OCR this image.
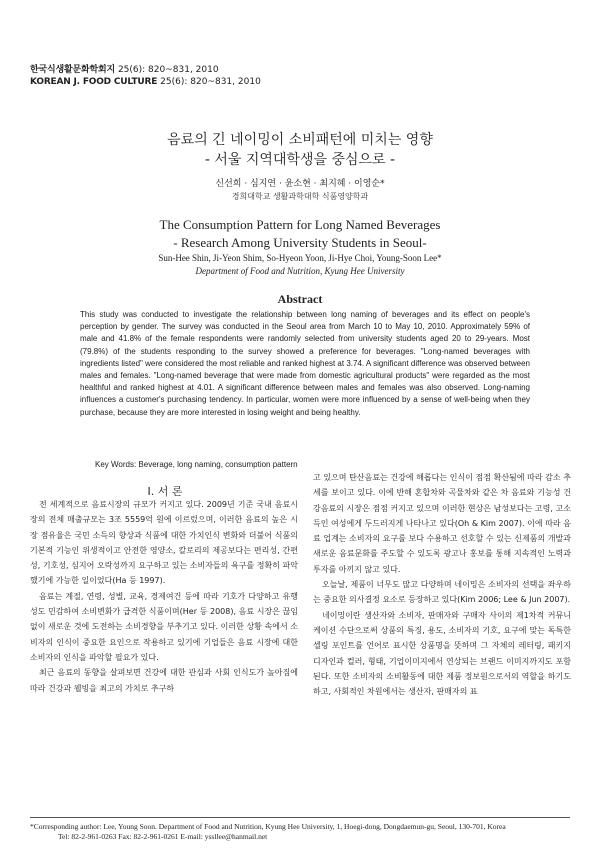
한국식생활문화학회지 25(6): 820~831, 2010
KOREAN J. FOOD CULTURE 25(6): 820~831, 2010
음료의 긴 네이밍이 소비패턴에 미치는 영향
- 서울 지역대학생을 중심으로 -
신선희 · 심지연 · 윤소현 · 최지혜 · 이영순*
경희대학교 생활과학대학 식품영양학과
The Consumption Pattern for Long Named Beverages
- Research Among University Students in Seoul-
Sun-Hee Shin, Ji-Yeon Shim, So-Hyeon Yoon, Ji-Hye Choi, Young-Soon Lee*
Department of Food and Nutrition, Kyung Hee University
Abstract
This study was conducted to investigate the relationship between long naming of beverages and its effect on people's perception by gender. The survey was conducted in the Seoul area from March 10 to May 10, 2010. Approximately 59% of male and 41.8% of the female respondents were randomly selected from university students aged 20 to 29-years. Most (79.8%) of the students responding to the survey showed a preference for beverages. "Long-named beverages with ingredients listed" were considered the most reliable and ranked highest at 3.74. A significant difference was observed between males and females. "Long-named beverage that were made from domestic agricultural products" were regarded as the most healthful and ranked highest at 4.01. A significant difference between males and females was also observed. Long-naming influences a customer's purchasing tendency. In particular, women were more influenced by a sense of well-being when they purchase, because they are more interested in losing weight and being healthy.
Key Words: Beverage, long naming, consumption pattern
I. 서 론

전 세계적으로 음료시장의 규모가 커지고 있다. 2009년 기준 국내 음료시장의 전체 매출규모는 3조 5559억 원에 이르렀으며, 이러한 음료의 높은 시장 점유율은 국민 소득의 향상과 식품에 대한 가치인식 변화와 더불어 식품의 기본적 기능인 위생적이고 안전한 영양소, 칼로리의 제공보다는 편리성, 간편성, 기호성, 심지어 오락성까지 요구하고 있는 소비자들의 욕구를 정확히 파악했기에 가능한 일이었다(Ha 등 1997).

음료는 계절, 연령, 성별, 교육, 경제여건 등에 따라 기호가 다양하고 유행성도 민감하여 소비변화가 급격한 식품이며(Her 등 2008), 음료 시장은 끊임없이 새로운 것에 도전하는 소비경향을 부추기고 있다. 이러한 상황 속에서 소비자의 인식이 중요한 요인으로 작용하고 있기에 기업들은 음료 시장에 대한 소비자의 인식을 파악할 필요가 있다.

최근 음료의 동향을 살펴보면 건강에 대한 관심과 사회 인식도가 높아짐에 따라 건강과 웰빙을 최고의 가치로 추구하

고 있으며 탄산음료는 건강에 해롭다는 인식이 점점 확산됨에 따라 감소 추세를 보이고 있다. 이에 반해 혼합차와 곡물차와 같은 차 음료와 기능성 건강음료의 시장은 점점 커지고 있으며 이러한 현상은 남성보다는 고령, 고소득인 여성에게 두드러지게 나타나고 있다(Oh & Kim 2007). 이에 따라 음료 업계는 소비자의 요구를 보다 수용하고 선호할 수 있는 신제품의 개발과 새로운 음료문화를 주도할 수 있도록 광고나 홍보를 통해 지속적인 노력과 투자를 아끼지 않고 있다.

오늘날, 제품이 너무도 많고 다양하며 네이밍은 소비자의 선택을 좌우하는 중요한 의사결정 요소로 등장하고 있다(Kim 2006; Lee & Jun 2007).

네이밍이란 생산자와 소비자, 판매자와 구매자 사이의 제1차적 커뮤니케이션 수단으로써 상품의 특징, 용도, 소비자의 기호, 요구에 맞는 독특한 셀링 포인트를 언어로 표시한 상품명을 뜻하며 그 자체의 레터링, 패키지 디자인과 컬러, 형태, 기업이미지에서 연상되는 브랜드 이미지까지도 포함된다. 또한 소비자의 소비활동에 대한 제품 정보원으로서의 역할을 하기도 하고, 사회적인 차원에서는 생산자, 판매자의 표

*Corresponding author: Lee, Young Soon. Department of Food and Nutrition, Kyung Hee University, 1, Hoegi-dong, Dongdaemun-gu, Seoul, 130-701, Korea
Tel: 82-2-961-0263 Fax: 82-2-961-0261 E-mail: yssllee@hanmail.net
